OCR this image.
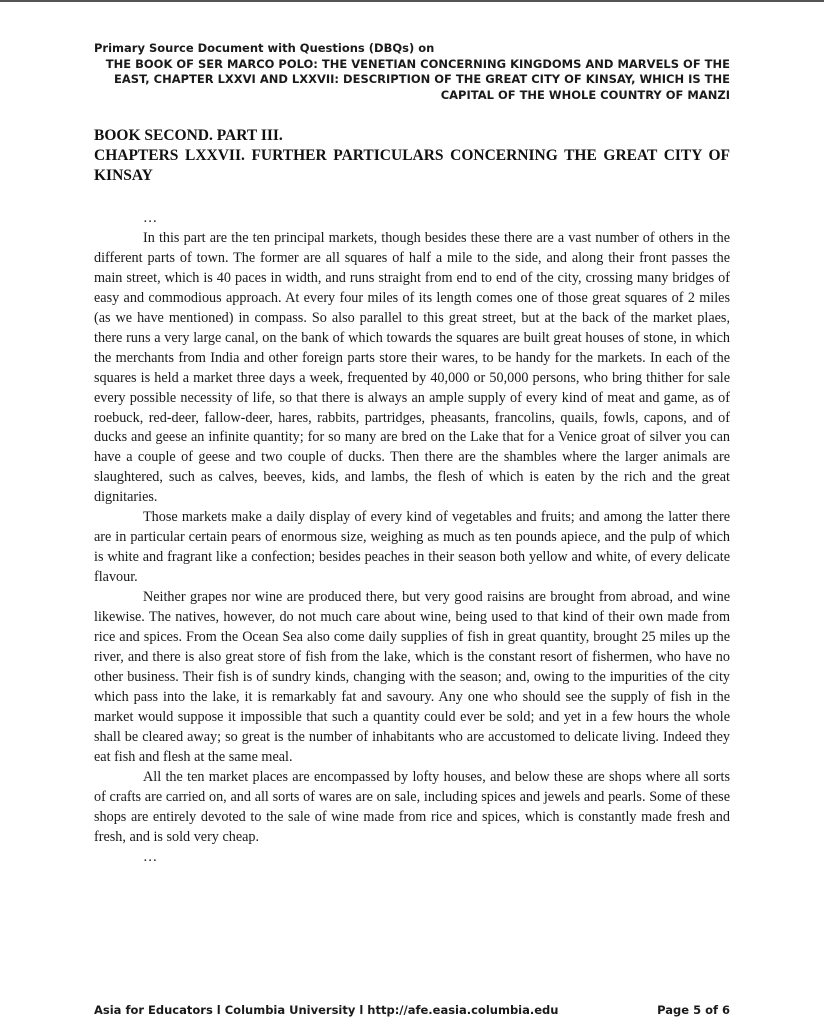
Primary Source Document with Questions (DBQs) on
THE BOOK OF SER MARCO POLO: THE VENETIAN CONCERNING KINGDOMS AND MARVELS OF THE
EAST, CHAPTER LXXVI AND LXXVII: DESCRIPTION OF THE GREAT CITY OF KINSAY, WHICH IS THE
CAPITAL OF THE WHOLE COUNTRY OF MANZI
BOOK SECOND. PART III.
CHAPTERS LXXVII. FURTHER PARTICULARS CONCERNING THE GREAT CITY OF KINSAY
…

In this part are the ten principal markets, though besides these there are a vast number of others in the different parts of town. The former are all squares of half a mile to the side, and along their front passes the main street, which is 40 paces in width, and runs straight from end to end of the city, crossing many bridges of easy and commodious approach. At every four miles of its length comes one of those great squares of 2 miles (as we have mentioned) in compass. So also parallel to this great street, but at the back of the market plaes, there runs a very large canal, on the bank of which towards the squares are built great houses of stone, in which the merchants from India and other foreign parts store their wares, to be handy for the markets. In each of the squares is held a market three days a week, frequented by 40,000 or 50,000 persons, who bring thither for sale every possible necessity of life, so that there is always an ample supply of every kind of meat and game, as of roebuck, red-deer, fallow-deer, hares, rabbits, partridges, pheasants, francolins, quails, fowls, capons, and of ducks and geese an infinite quantity; for so many are bred on the Lake that for a Venice groat of silver you can have a couple of geese and two couple of ducks. Then there are the shambles where the larger animals are slaughtered, such as calves, beeves, kids, and lambs, the flesh of which is eaten by the rich and the great dignitaries.

Those markets make a daily display of every kind of vegetables and fruits; and among the latter there are in particular certain pears of enormous size, weighing as much as ten pounds apiece, and the pulp of which is white and fragrant like a confection; besides peaches in their season both yellow and white, of every delicate flavour.

Neither grapes nor wine are produced there, but very good raisins are brought from abroad, and wine likewise. The natives, however, do not much care about wine, being used to that kind of their own made from rice and spices. From the Ocean Sea also come daily supplies of fish in great quantity, brought 25 miles up the river, and there is also great store of fish from the lake, which is the constant resort of fishermen, who have no other business. Their fish is of sundry kinds, changing with the season; and, owing to the impurities of the city which pass into the lake, it is remarkably fat and savoury. Any one who should see the supply of fish in the market would suppose it impossible that such a quantity could ever be sold; and yet in a few hours the whole shall be cleared away; so great is the number of inhabitants who are accustomed to delicate living. Indeed they eat fish and flesh at the same meal.

All the ten market places are encompassed by lofty houses, and below these are shops where all sorts of crafts are carried on, and all sorts of wares are on sale, including spices and jewels and pearls. Some of these shops are entirely devoted to the sale of wine made from rice and spices, which is constantly made fresh and fresh, and is sold very cheap.

…
Asia for Educators l Columbia University l http://afe.easia.columbia.edu	Page 5 of 6
